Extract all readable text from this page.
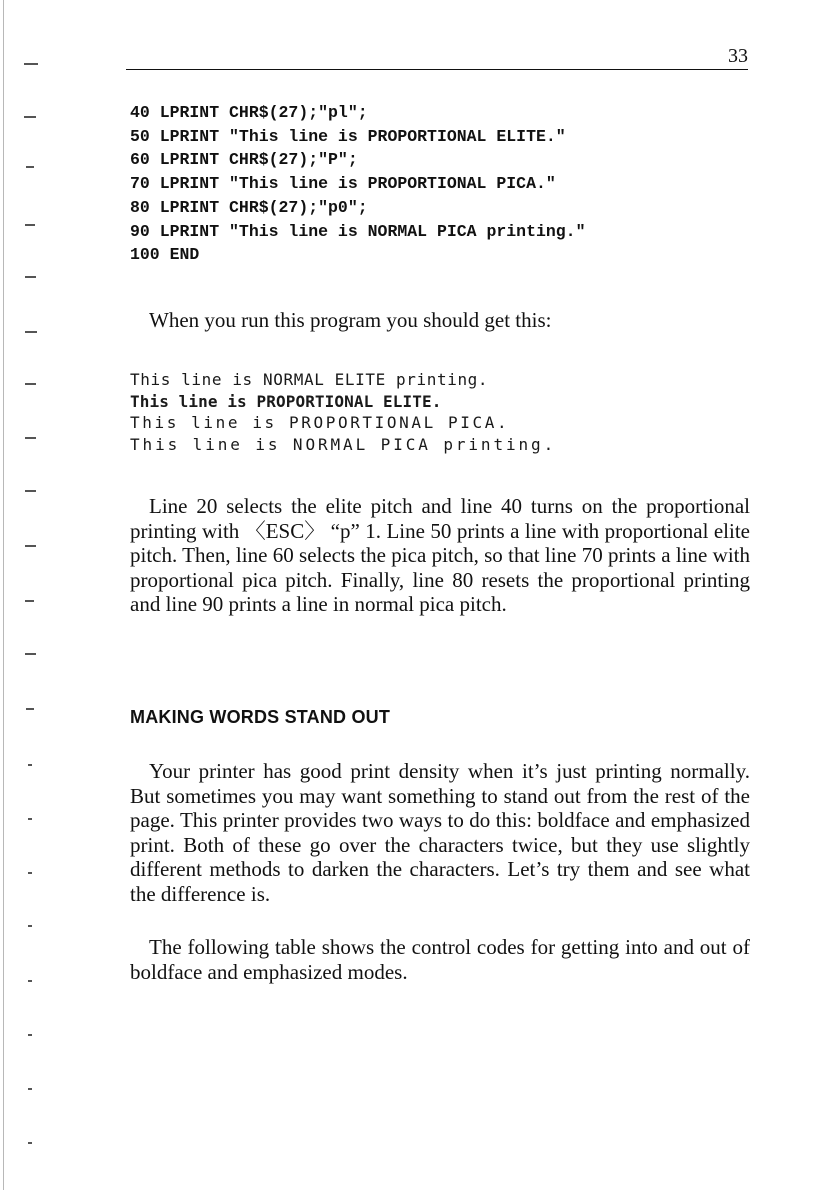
33
40 LPRINT CHR$(27);"pl";
50 LPRINT "This line is PROPORTIONAL ELITE."
60 LPRINT CHR$(27);"P";
70 LPRINT "This line is PROPORTIONAL PICA."
80 LPRINT CHR$(27);"p0";
90 LPRINT "This line is NORMAL PICA printing."
100 END

When you run this program you should get this:

This line is NORMAL ELITE printing.
This line is PROPORTIONAL ELITE.
This line is PROPORTIONAL PICA.
This line is NORMAL PICA printing.

Line 20 selects the elite pitch and line 40 turns on the proportional printing with 〈ESC〉 “p” 1. Line 50 prints a line with proportional elite pitch. Then, line 60 selects the pica pitch, so that line 70 prints a line with proportional pica pitch. Finally, line 80 resets the proportional printing and line 90 prints a line in normal pica pitch.

MAKING WORDS STAND OUT

Your printer has good print density when it’s just printing normally. But sometimes you may want something to stand out from the rest of the page. This printer provides two ways to do this: boldface and emphasized print. Both of these go over the characters twice, but they use slightly different methods to darken the characters. Let’s try them and see what the difference is.

The following table shows the control codes for getting into and out of boldface and emphasized modes.
